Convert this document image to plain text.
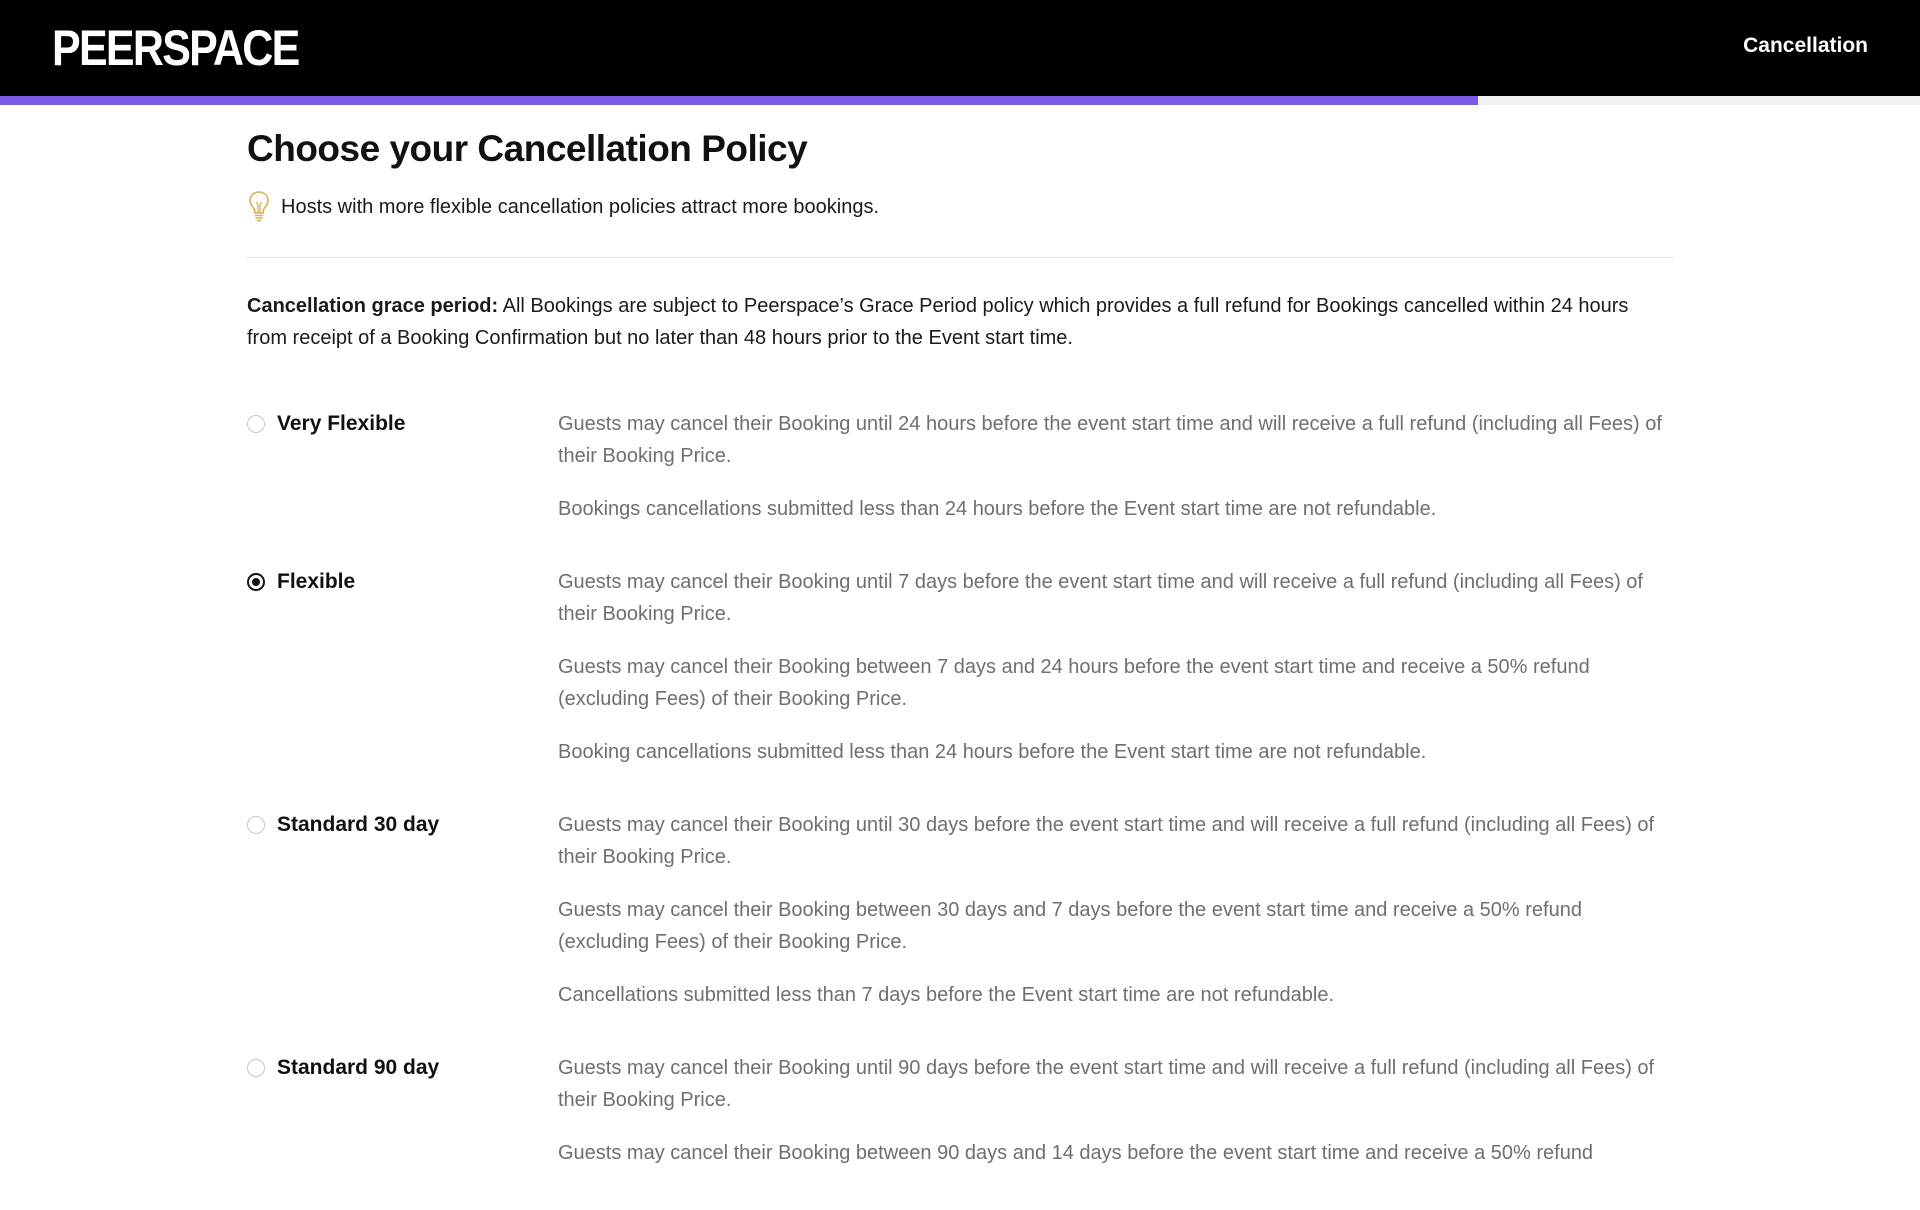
PEERSPACE	Cancellation
Choose your Cancellation Policy
Hosts with more flexible cancellation policies attract more bookings.
Cancellation grace period: All Bookings are subject to Peerspace’s Grace Period policy which provides a full refund for Bookings cancelled within 24 hours from receipt of a Booking Confirmation but no later than 48 hours prior to the Event start time.
Very Flexible	Guests may cancel their Booking until 24 hours before the event start time and will receive a full refund (including all Fees) of their Booking Price.

Bookings cancellations submitted less than 24 hours before the Event start time are not refundable.

Flexible	Guests may cancel their Booking until 7 days before the event start time and will receive a full refund (including all Fees) of their Booking Price.

Guests may cancel their Booking between 7 days and 24 hours before the event start time and receive a 50% refund (excluding Fees) of their Booking Price.

Booking cancellations submitted less than 24 hours before the Event start time are not refundable.

Standard 30 day	Guests may cancel their Booking until 30 days before the event start time and will receive a full refund (including all Fees) of their Booking Price.

Guests may cancel their Booking between 30 days and 7 days before the event start time and receive a 50% refund (excluding Fees) of their Booking Price.

Cancellations submitted less than 7 days before the Event start time are not refundable.

Standard 90 day	Guests may cancel their Booking until 90 days before the event start time and will receive a full refund (including all Fees) of their Booking Price.

Guests may cancel their Booking between 90 days and 14 days before the event start time and receive a 50% refund
